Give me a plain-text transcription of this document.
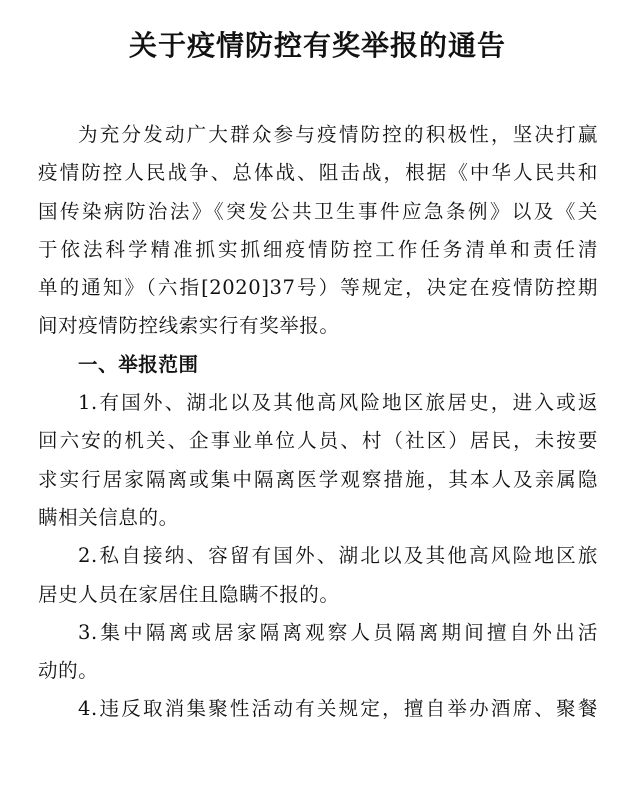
关于疫情防控有奖举报的通告
为充分发动广大群众参与疫情防控的积极性，坚决打赢
疫情防控人民战争、总体战、阻击战，根据《中华人民共和
国传染病防治法》《突发公共卫生事件应急条例》以及《关
于依法科学精准抓实抓细疫情防控工作任务清单和责任清
单的通知》（六指[2020]37号）等规定，决定在疫情防控期
间对疫情防控线索实行有奖举报。
一、举报范围
1.有国外、湖北以及其他高风险地区旅居史，进入或返
回六安的机关、企事业单位人员、村（社区）居民，未按要
求实行居家隔离或集中隔离医学观察措施，其本人及亲属隐
瞒相关信息的。
2.私自接纳、容留有国外、湖北以及其他高风险地区旅
居史人员在家居住且隐瞒不报的。
3.集中隔离或居家隔离观察人员隔离期间擅自外出活
动的。
4.违反取消集聚性活动有关规定，擅自举办酒席、聚餐
